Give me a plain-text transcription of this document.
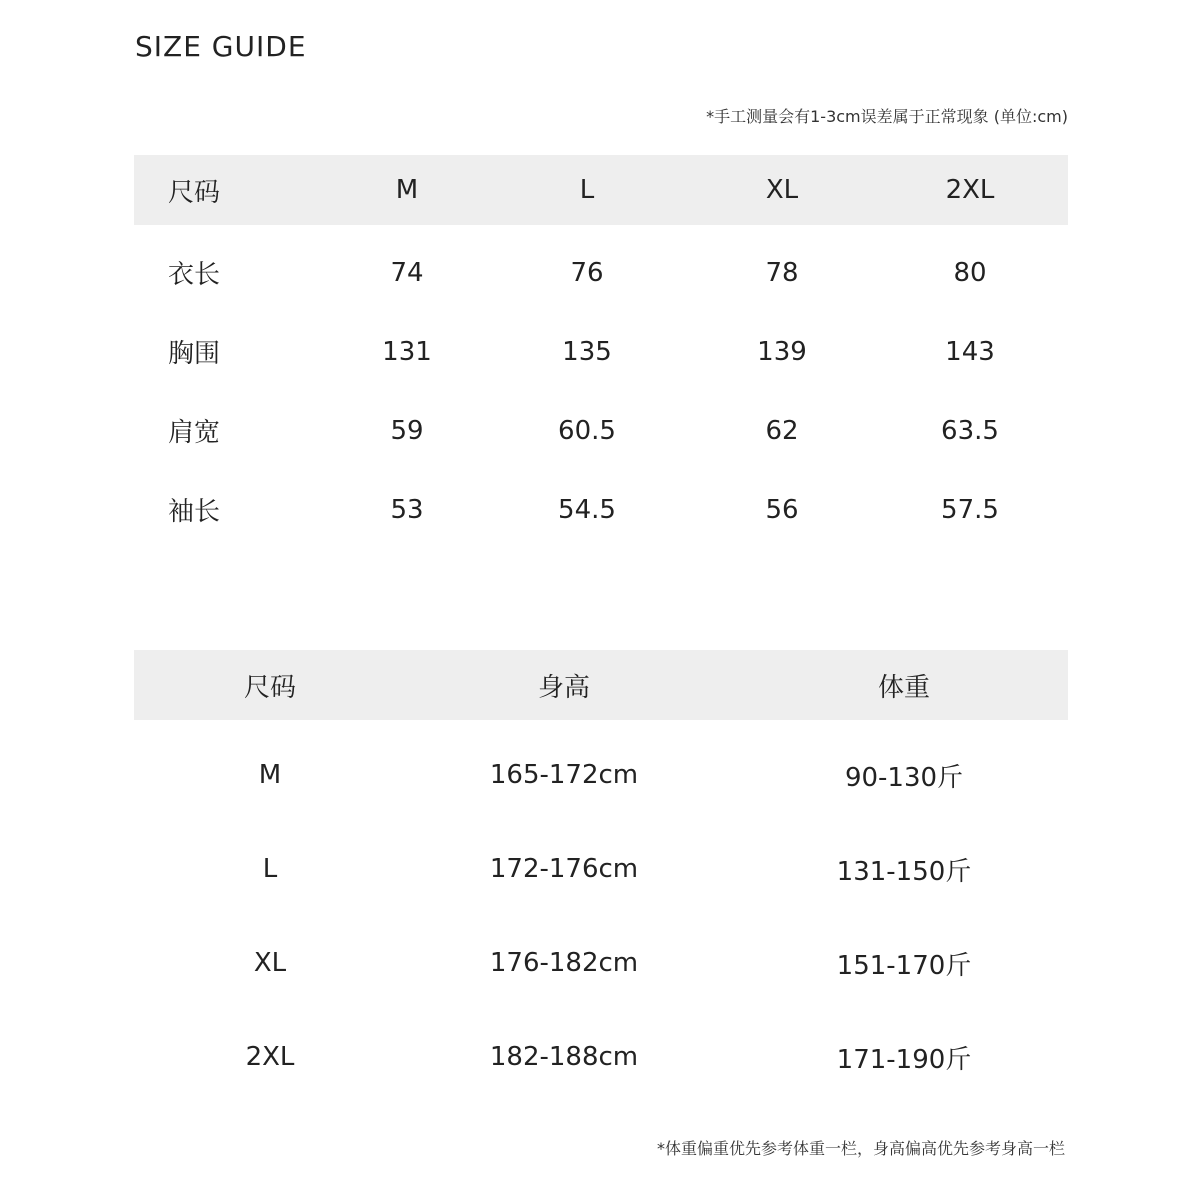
SIZE GUIDE
*手工测量会有1-3cm误差属于正常现象 (单位:cm)
尺码	M	L	XL	2XL
衣长	74	76	78	80
胸围	131	135	139	143
肩宽	59	60.5	62	63.5
袖长	53	54.5	56	57.5
尺码	身高	体重
M	165-172cm	90-130斤
L	172-176cm	131-150斤
XL	176-182cm	151-170斤
2XL	182-188cm	171-190斤
*体重偏重优先参考体重一栏，身高偏高优先参考身高一栏
